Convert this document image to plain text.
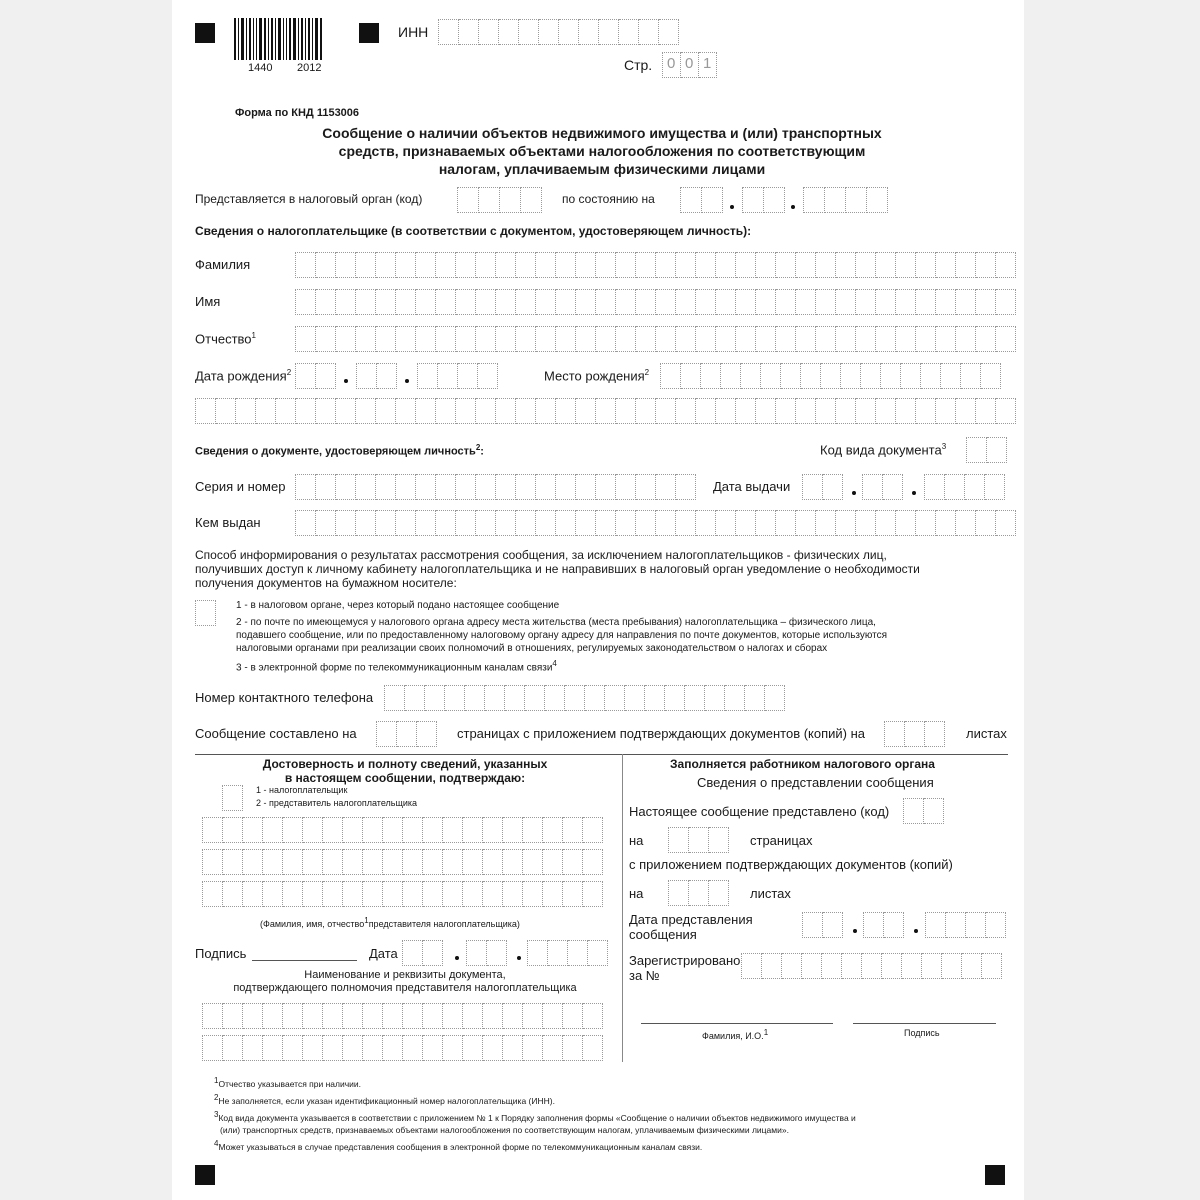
1440 2012
ИНН
Стр. 0 0 1
Форма по КНД 1153006
Сообщение о наличии объектов недвижимого имущества и (или) транспортных
средств, признаваемых объектами налогообложения по соответствующим
налогам, уплачиваемым физическими лицами
Представляется в налоговый орган (код)	по состоянию на
Сведения о налогоплательщике (в соответствии с документом, удостоверяющем личность):
Фамилия
Имя
Отчество$^1$
Дата рождения$^2$	Место рождения$^2$
Сведения о документе, удостоверяющем личность$^2$:	Код вида документа$^3$
Серия и номер	Дата выдачи
Кем выдан
Способ информирования о результатах рассмотрения сообщения, за исключением налогоплательщиков - физических лиц,
получивших доступ к личному кабинету налогоплательщика и не направивших в налоговый орган уведомление о необходимости
получения документов на бумажном носителе:
1 - в налоговом органе, через который подано настоящее сообщение
2 - по почте по имеющемуся у налогового органа адресу места жительства (места пребывания) налогоплательщика – физического лица,
подавшего сообщение, или по предоставленному налоговому органу адресу для направления по почте документов, которые используются
налоговыми органами при реализации своих полномочий в отношениях, регулируемых законодательством о налогах и сборах
3 - в электронной форме по телекоммуникационным каналам связи$^4$
Номер контактного телефона
Сообщение составлено на	страницах с приложением подтверждающих документов (копий) на	листах
Достоверность и полноту сведений, указанных
в настоящем сообщении, подтверждаю:
1 - налогоплательщик
2 - представитель налогоплательщика
(Фамилия, имя, отчество1представителя налогоплательщика)
Подпись	Дата
Наименование и реквизиты документа,
подтверждающего полномочия представителя налогоплательщика
Заполняется работником налогового органа
Сведения о представлении сообщения
Настоящее сообщение представлено (код)
на	страницах
с приложением подтверждающих документов (копий)
на	листах
Дата представления
сообщения
Зарегистрировано
за №
Фамилия, И.О.1	Подпись
1Отчество указывается при наличии.
2Не заполняется, если указан идентификационный номер налогоплательщика (ИНН).
3Код вида документа указывается в соответствии с приложением № 1 к Порядку заполнения формы «Сообщение о наличии объектов недвижимого имущества и
(или) транспортных средств, признаваемых объектами налогообложения по соответствующим налогам, уплачиваемым физическими лицами».
4Может указываться в случае представления сообщения в электронной форме по телекоммуникационным каналам связи.
